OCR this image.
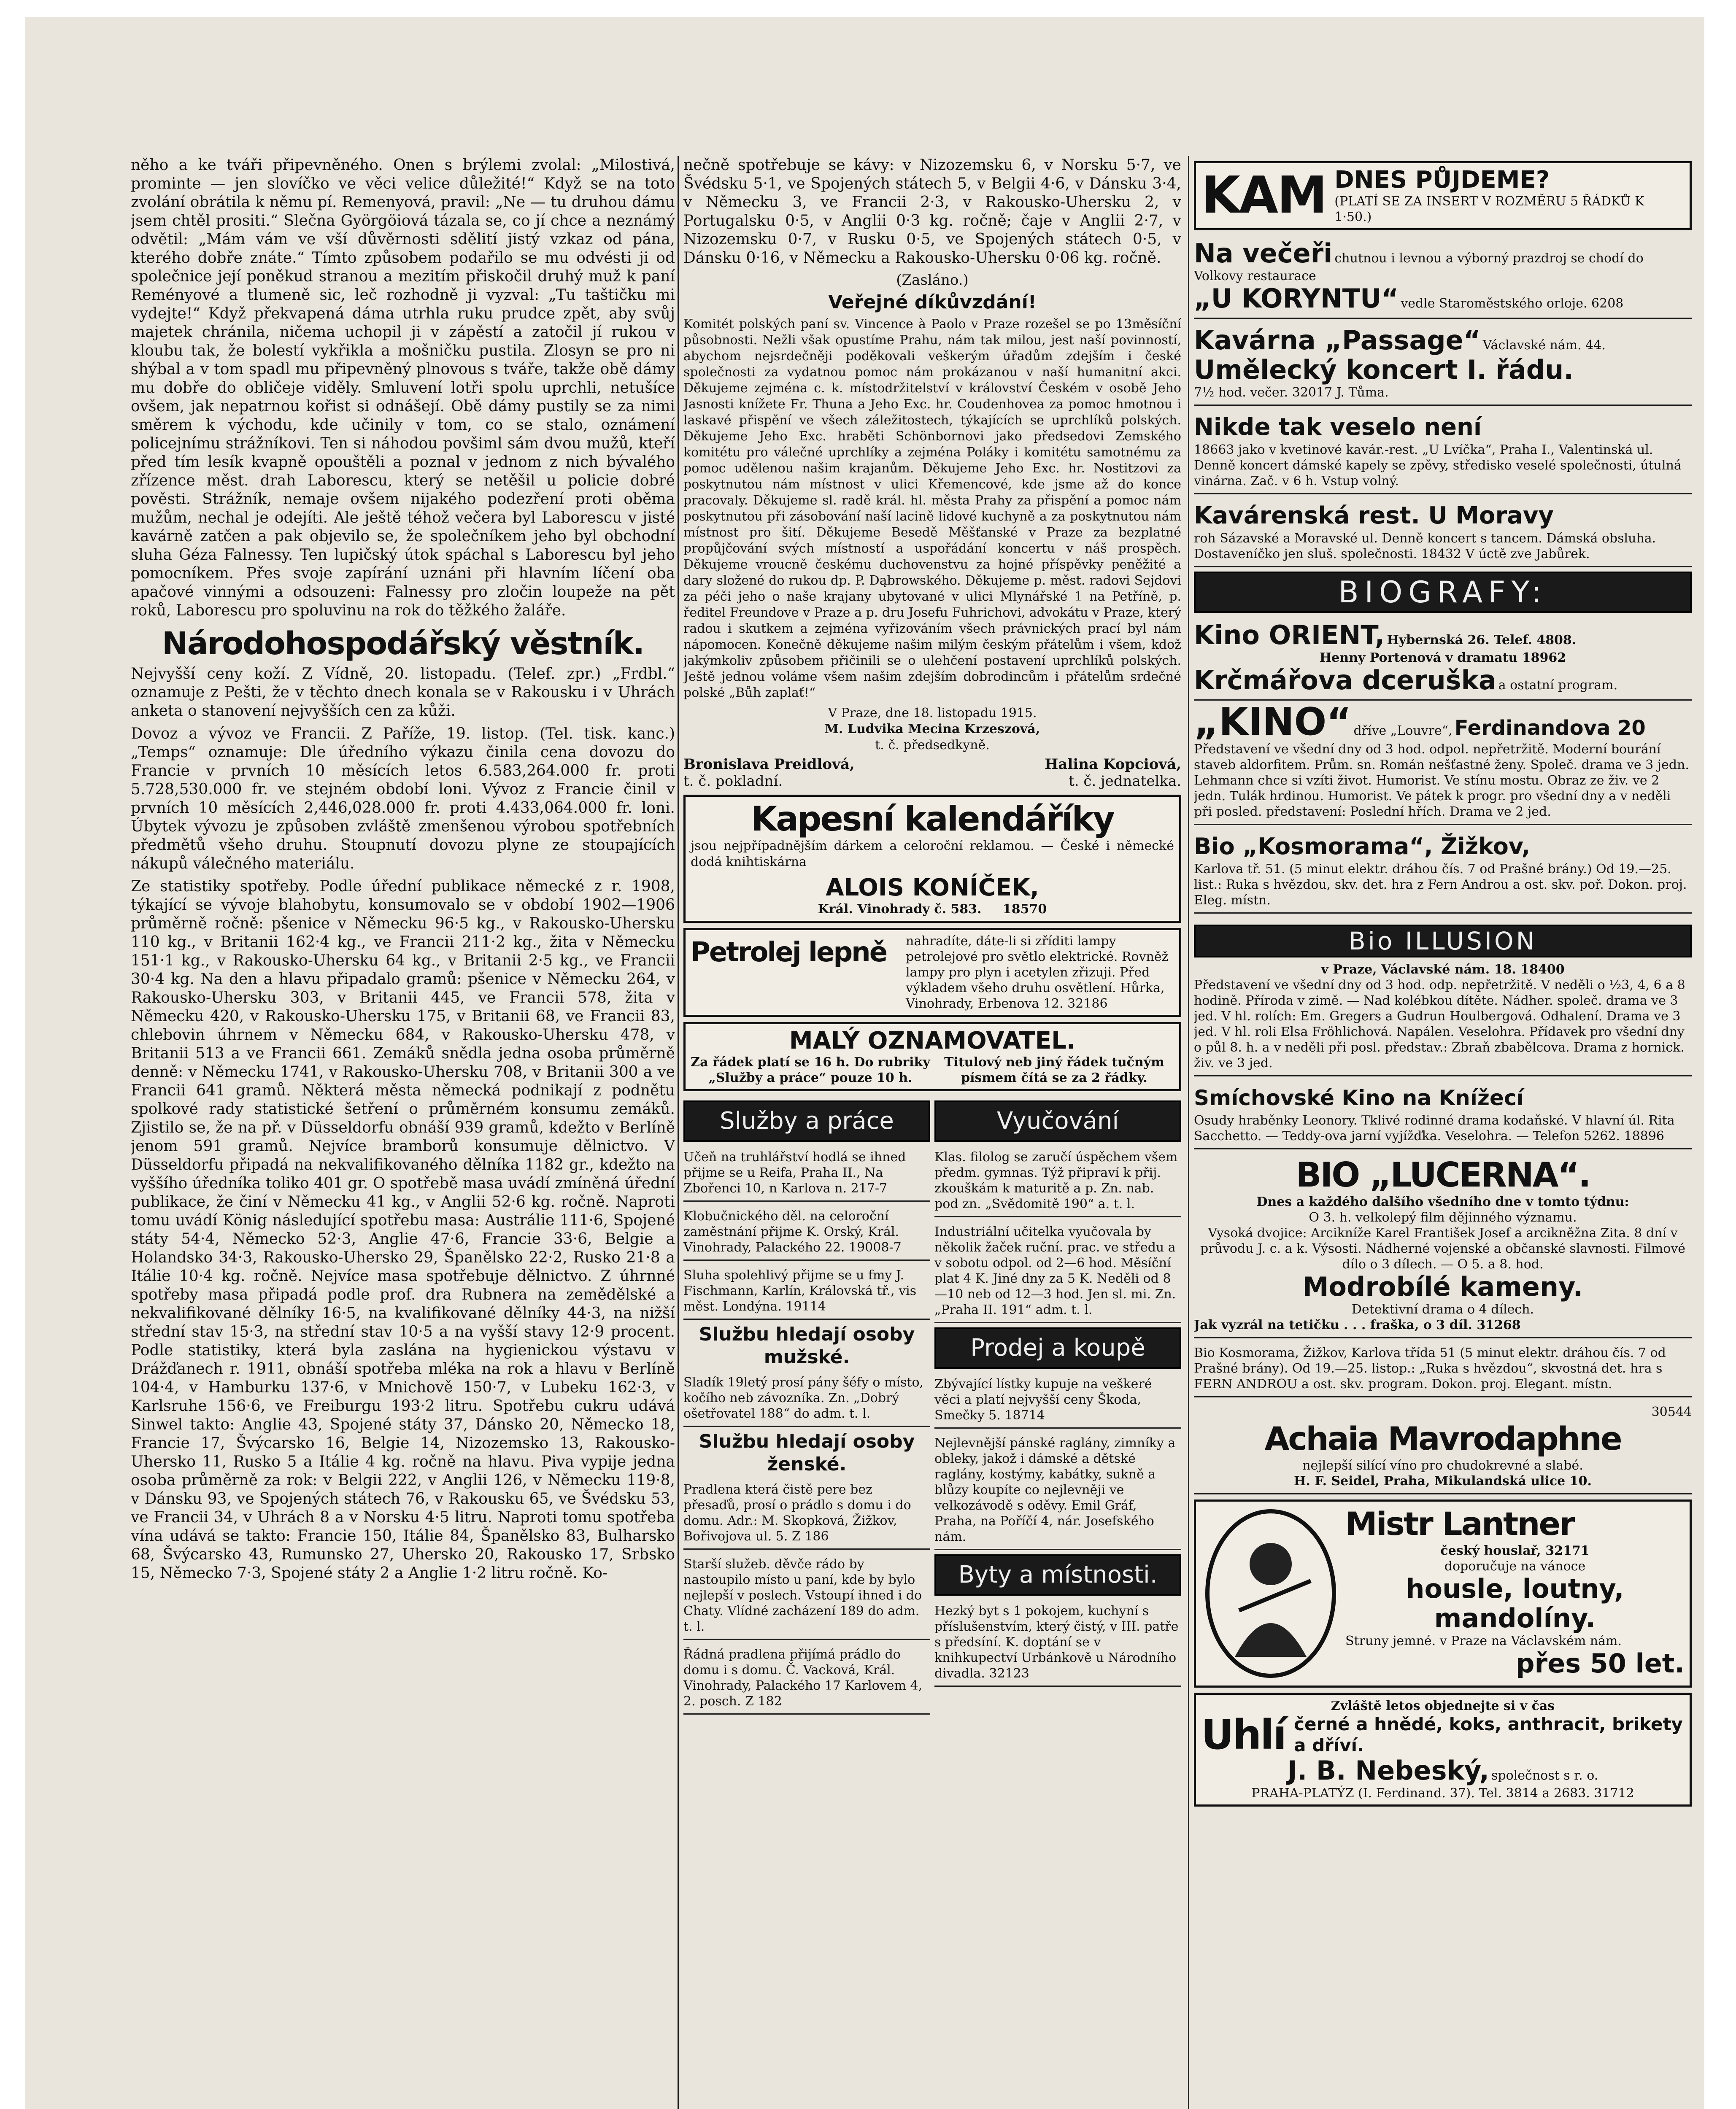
něho a ke tváři připevněného. Onen s brýlemi zvolal: „Milostivá, prominte — jen slovíčko ve věci velice důležité!“ Když se na toto zvolání obrátila k němu pí. Remenyová, pravil: „Ne — tu druhou dámu jsem chtěl prositi.“ Slečna Györgöiová tázala se, co jí chce a neznámý odvětil: „Mám vám ve vší důvěrnosti sdělití jistý vzkaz od pána, kterého dobře znáte.“ Tímto způsobem podařilo se mu odvésti ji od společnice její poněkud stranou a mezitím přiskočil druhý muž k paní Reményové a tlumeně sic, leč rozhodně ji vyzval: „Tu taštičku mi vydejte!“ Když překvapená dáma utrhla ruku prudce zpět, aby svůj majetek chránila, ničema uchopil ji v zápěstí a zatočil jí rukou v kloubu tak, že bolestí vykřikla a mošničku pustila. Zlosyn se pro ni shýbal a v tom spadl mu připevněný plnovous s tváře, takže obě dámy mu dobře do obličeje viděly. Smluvení lotři spolu uprchli, netušíce ovšem, jak nepatrnou kořist si odnášejí. Obě dámy pustily se za nimi směrem k východu, kde učinily v tom, co se stalo, oznámení policejnímu strážníkovi. Ten si náhodou povšiml sám dvou mužů, kteří před tím lesík kvapně opouštěli a poznal v jednom z nich bývalého zřízence měst. drah Laborescu, který se netěšil u policie dobré pověsti. Strážník, nemaje ovšem nijakého podezření proti oběma mužům, nechal je odejíti. Ale ještě téhož večera byl Laborescu v jisté kavárně zatčen a pak objevilo se, že společníkem jeho byl obchodní sluha Géza Falnessy. Ten lupičský útok spáchal s Laborescu byl jeho pomocníkem. Přes svoje zapírání uznáni při hlavním líčení oba apačové vinnými a odsouzeni: Falnessy pro zločin loupeže na pět roků, Laborescu pro spoluvinu na rok do těžkého žaláře.

Národohospodářský věstník.

Nejvyšší ceny koží. Z Vídně, 20. listopadu. (Telef. zpr.) „Frdbl.“ oznamuje z Pešti, že v těchto dnech konala se v Rakousku i v Uhrách anketa o stanovení nejvyšších cen za kůži.

Dovoz a vývoz ve Francii. Z Paříže, 19. listop. (Tel. tisk. kanc.) „Temps“ oznamuje: Dle úředního výkazu činila cena dovozu do Francie v prvních 10 měsících letos 6.583,264.000 fr. proti 5.728,530.000 fr. ve stejném období loni. Vývoz z Francie činil v prvních 10 měsících 2,446,028.000 fr. proti 4.433,064.000 fr. loni. Úbytek vývozu je způsoben zvláště zmenšenou výrobou spotřebních předmětů všeho druhu. Stoupnutí dovozu plyne ze stoupajících nákupů válečného materiálu.

Ze statistiky spotřeby. Podle úřední publikace německé z r. 1908, týkající se vývoje blahobytu, konsumovalo se v období 1902—1906 průměrně ročně: pšenice v Německu 96·5 kg., v Rakousko-Uhersku 110 kg., v Britanii 162·4 kg., ve Francii 211·2 kg., žita v Německu 151·1 kg., v Rakousko-Uhersku 64 kg., v Britanii 2·5 kg., ve Francii 30·4 kg. Na den a hlavu připadalo gramů: pšenice v Německu 264, v Rakousko-Uhersku 303, v Britanii 445, ve Francii 578, žita v Německu 420, v Rakousko-Uhersku 175, v Britanii 68, ve Francii 83, chlebovin úhrnem v Německu 684, v Rakousko-Uhersku 478, v Britanii 513 a ve Francii 661. Zemáků snědla jedna osoba průměrně denně: v Německu 1741, v Rakousko-Uhersku 708, v Britanii 300 a ve Francii 641 gramů. Některá města německá podnikají z podnětu spolkové rady statistické šetření o průměrném konsumu zemáků. Zjistilo se, že na př. v Düsseldorfu obnáší 939 gramů, kdežto v Berlíně jenom 591 gramů. Nejvíce bramborů konsumuje dělnictvo. V Düsseldorfu připadá na nekvalifikovaného dělníka 1182 gr., kdežto na vyššího úředníka toliko 401 gr. O spotřebě masa uvádí zmíněná úřední publikace, že činí v Německu 41 kg., v Anglii 52·6 kg. ročně. Naproti tomu uvádí König následující spotřebu masa: Austrálie 111·6, Spojené státy 54·4, Německo 52·3, Anglie 47·6, Francie 33·6, Belgie a Holandsko 34·3, Rakousko-Uhersko 29, Španělsko 22·2, Rusko 21·8 a Itálie 10·4 kg. ročně. Nejvíce masa spotřebuje dělnictvo. Z úhrnné spotřeby masa připadá podle prof. dra Rubnera na zemědělské a nekvalifikované dělníky 16·5, na kvalifikované dělníky 44·3, na nižší střední stav 15·3, na střední stav 10·5 a na vyšší stavy 12·9 procent. Podle statistiky, která byla zaslána na hygienickou výstavu v Drážďanech r. 1911, obnáší spotřeba mléka na rok a hlavu v Berlíně 104·4, v Hamburku 137·6, v Mnichově 150·7, v Lubeku 162·3, v Karlsruhe 156·6, ve Freiburgu 193·2 litru. Spotřebu cukru udává Sinwel takto: Anglie 43, Spojené státy 37, Dánsko 20, Německo 18, Francie 17, Švýcarsko 16, Belgie 14, Nizozemsko 13, Rakousko-Uhersko 11, Rusko 5 a Itálie 4 kg. ročně na hlavu. Piva vypije jedna osoba průměrně za rok: v Belgii 222, v Anglii 126, v Německu 119·8, v Dánsku 93, ve Spojených státech 76, v Rakousku 65, ve Švédsku 53, ve Francii 34, v Uhrách 8 a v Norsku 4·5 litru. Naproti tomu spotřeba vína udává se takto: Francie 150, Itálie 84, Španělsko 83, Bulharsko 68, Švýcarsko 43, Rumunsko 27, Uhersko 20, Rakousko 17, Srbsko 15, Německo 7·3, Spojené státy 2 a Anglie 1·2 litru ročně. Ko-

nečně spotřebuje se kávy: v Nizozemsku 6, v Norsku 5·7, ve Švédsku 5·1, ve Spojených státech 5, v Belgii 4·6, v Dánsku 3·4, v Německu 3, ve Francii 2·3, v Rakousko-Uhersku 2, v Portugalsku 0·5, v Anglii 0·3 kg. ročně; čaje v Anglii 2·7, v Nizozemsku 0·7, v Rusku 0·5, ve Spojených státech 0·5, v Dánsku 0·16, v Německu a Rakousko-Uhersku 0·06 kg. ročně.

(Zasláno.)
Veřejné díkůvzdání!

Komitét polských paní sv. Vincence à Paolo v Praze rozešel se po 13měsíční působnosti. Nežli však opustíme Prahu, nám tak milou, jest naší povinností, abychom nejsrdečněji poděkovali veškerým úřadům zdejším i české společnosti za vydatnou pomoc nám prokázanou v naší humanitní akci. Děkujeme zejména c. k. místodržitelství v království Českém v osobě Jeho Jasnosti knížete Fr. Thuna a Jeho Exc. hr. Coudenhovea za pomoc hmotnou i laskavé přispění ve všech záležitostech, týkajících se uprchlíků polských. Děkujeme Jeho Exc. hraběti Schönbornovi jako předsedovi Zemského komitétu pro válečné uprchlíky a zejména Poláky i komitétu samotnému za pomoc udělenou našim krajanům. Děkujeme Jeho Exc. hr. Nostitzovi za poskytnutou nám místnost v ulici Křemencové, kde jsme až do konce pracovaly. Děkujeme sl. radě král. hl. města Prahy za přispění a pomoc nám poskytnutou při zásobování naší lacině lidové kuchyně a za poskytnutou nám místnost pro šití. Děkujeme Besedě Měšťanské v Praze za bezplatné propůjčování svých místností a uspořádání koncertu v náš prospěch. Děkujeme vroucně českému duchovenstvu za hojné příspěvky peněžité a dary složené do rukou dp. P. Dąbrowského. Děkujeme p. měst. radovi Sejdovi za péči jeho o naše krajany ubytované v ulici Mlynářské 1 na Petříně, p. ředitel Freundove v Praze a p. dru Josefu Fuhrichovi, advokátu v Praze, který radou i skutkem a zejména vyřizováním všech právnických prací byl nám nápomocen. Konečně děkujeme našim milým českým přátelům i všem, kdož jakýmkoliv způsobem přičinili se o ulehčení postavení uprchlíků polských. Ještě jednou voláme všem našim zdejším dobrodincům i přátelům srdečné polské „Bůh zaplať!“

V Praze, dne 18. listopadu 1915.
M. Ludvika Mecina Krzeszová,
t. č. předsedkyně.
Bronislava Preidlová,
t. č. pokladní.
Halina Kopciová,
t. č. jednatelka.
Kapesní kalendáříky

jsou nejpřípadnějším dárkem a celoroční reklamou. — České i německé dodá knihtiskárna

ALOIS KONÍČEK,
Král. Vinohrady č. 583. 18570
Petrolej lepně	nahradíte, dáte-li si zříditi lampy petrolejové pro světlo elektrické. Rovněž lampy pro plyn i acetylen zřizuji. Před výkladem všeho druhu osvětlení. Hůrka, Vinohrady, Erbenova 12. 32186
MALÝ OZNAMOVATEL.
Za řádek platí se 16 h. Do rubriky „Služby a práce“ pouze 10 h.
Titulový neb jiný řádek tučným písmem čítá se za 2 řádky.
Služby a práce
Učeň na truhlářství hodlá se ihned přijme se u Reifa, Praha II., Na Zbořenci 10, n Karlova n. 217-7
Klobučnického děl. na celoroční zaměstnání přijme K. Orský, Král. Vinohrady, Palackého 22. 19008-7
Sluha spolehlivý přijme se u fmy J. Fischmann, Karlín, Královská tř., vis měst. Londýna. 19114
Službu hledají osoby mužské.
Sladík 19letý prosí pány šéfy o místo, kočího neb závozníka. Zn. „Dobrý ošetřovatel 188“ do adm. t. l.
Službu hledají osoby ženské.
Pradlena která čistě pere bez přesaďů, prosí o prádlo s domu i do domu. Adr.: M. Skopková, Žižkov, Bořivojova ul. 5. Z 186
Starší služeb. děvče rádo by nastoupilo místo u paní, kde by bylo nejlepší v poslech. Vstoupí ihned i do Chaty. Vlídné zacházení 189 do adm. t. l.
Řádná pradlena přijímá prádlo do domu i s domu. Č. Vacková, Král. Vinohrady, Palackého 17 Karlovem 4, 2. posch. Z 182
Vyučování
Klas. filolog se zaručí úspěchem všem předm. gymnas. Týž připraví k přij. zkouškám k maturitě a p. Zn. nab. pod zn. „Svědomitě 190“ a. t. l.
Industriální učitelka vyučovala by několik žaček ruční. prac. ve středu a v sobotu odpol. od 2—6 hod. Měsíční plat 4 K. Jiné dny za 5 K. Neděli od 8—10 neb od 12—3 hod. Jen sl. mi. Zn. „Praha II. 191“ adm. t. l.
Prodej a koupě
Zbývající lístky kupuje na veškeré věci a platí nejvyšší ceny Škoda, Smečky 5. 18714
Nejlevnější pánské raglány, zimníky a obleky, jakož i dámské a dětské raglány, kostýmy, kabátky, sukně a blůzy koupíte co nejlevněji ve velkozávodě s oděvy. Emil Gráf, Praha, na Poříčí 4, nár. Josefského nám.
Byty a místnosti.
Hezký byt s 1 pokojem, kuchyní s příslušenstvím, který čistý, v III. patře s předsíní. K. doptání se v knihkupectví Urbánkově u Národního divadla. 32123
KAM DNES PŮJDEME?
(PLATÍ SE ZA INSERT V ROZMĚRU 5 ŘÁDKŮ K 1·50.)
Na večeři chutnou i levnou a výborný prazdroj se chodí do Volkovy restaurace
„U KORYNTU“ vedle Staroměstského orloje. 6208
Kavárna „Passage“ Václavské nám. 44.
Umělecký koncert I. řádu.
7½ hod. večer. 32017 J. Tůma.
Nikde tak veselo není
18663 jako v kvetinové kavár.-rest. „U Lvíčka“, Praha I., Valentinská ul. Denně koncert dámské kapely se zpěvy, středisko veselé společnosti, útulná vinárna. Zač. v 6 h. Vstup volný.
Kavárenská rest. U Moravy
roh Sázavské a Moravské ul. Denně koncert s tancem. Dámská obsluha. Dostaveníčko jen sluš. společnosti. 18432 V úctě zve Jabůrek.
BIOGRAFY:
Kino ORIENT, Hybernská 26. Telef. 4808.
Henny Portenová v dramatu 18962
Krčmářova dceruška a ostatní program.
„KINO“ dříve „Louvre“, Ferdinandova 20
Představení ve všední dny od 3 hod. odpol. nepřetržitě. Moderní bourání staveb aldorfitem. Prům. sn. Román nešťastné ženy. Společ. drama ve 3 jedn. Lehmann chce si vzíti život. Humorist. Ve stínu mostu. Obraz ze živ. ve 2 jedn. Tulák hrdinou. Humorist. Ve pátek k progr. pro všední dny a v neděli při posled. představení: Poslední hřích. Drama ve 2 jed.
Bio „Kosmorama“, Žižkov,
Karlova tř. 51. (5 minut elektr. dráhou čís. 7 od Prašné brány.) Od 19.—25. list.: Ruka s hvězdou, skv. det. hra z Fern Androu a ost. skv. poř. Dokon. proj. Eleg. místn.
Bio ILLUSION
v Praze, Václavské nám. 18. 18400
Představení ve všední dny od 3 hod. odp. nepřetržitě. V neděli o ½3, 4, 6 a 8 hodině. Příroda v zimě. — Nad kolébkou dítěte. Nádher. společ. drama ve 3 jed. V hl. rolích: Em. Gregers a Gudrun Houlbergová. Odhalení. Drama ve 3 jed. V hl. roli Elsa Fröhlichová. Napálen. Veselohra. Přídavek pro všední dny o půl 8. h. a v neděli při posl. představ.: Zbraň zbabělcova. Drama z hornick. živ. ve 3 jed.
Smíchovské Kino na Knížecí
Osudy hraběnky Leonory. Tklivé rodinné drama kodaňské. V hlavní úl. Rita Sacchetto. — Teddy-ova jarní vyjížďka. Veselohra. — Telefon 5262. 18896
BIO „LUCERNA“.
Dnes a každého dalšího všedního dne v tomto týdnu:
O 3. h. velkolepý film dějinného významu.
Vysoká dvojice: Arcikníže Karel František Josef a arcikněžna Zita. 8 dní v průvodu J. c. a k. Výsosti. Nádherné vojenské a občanské slavnosti. Filmové dílo o 3 dílech. — O 5. a 8. hod.
Modrobílé kameny.
Detektivní drama o 4 dílech.
Jak vyzrál na tetičku . . . fraška, o 3 díl. 31268
Bio Kosmorama, Žižkov, Karlova třída 51 (5 minut elektr. dráhou čís. 7 od Prašné brány). Od 19.—25. listop.: „Ruka s hvězdou“, skvostná det. hra s FERN ANDROU a ost. skv. program. Dokon. proj. Elegant. místn.
30544
Achaia Mavrodaphne
nejlepší silící víno pro chudokrevné a slabé.
H. F. Seidel, Praha, Mikulandská ulice 10.
Mistr Lantner
český houslař, 32171
doporučuje na vánoce
housle, loutny, mandolíny.
Struny jemné. v Praze na Václavském nám.
přes 50 let.
Zvláště letos objednejte si v čas
Uhlí černé a hnědé, koks, anthracit, brikety a dříví.
J. B. Nebeský, společnost s r. o.
PRAHA-PLATÝZ (I. Ferdinand. 37). Tel. 3814 a 2683. 31712
